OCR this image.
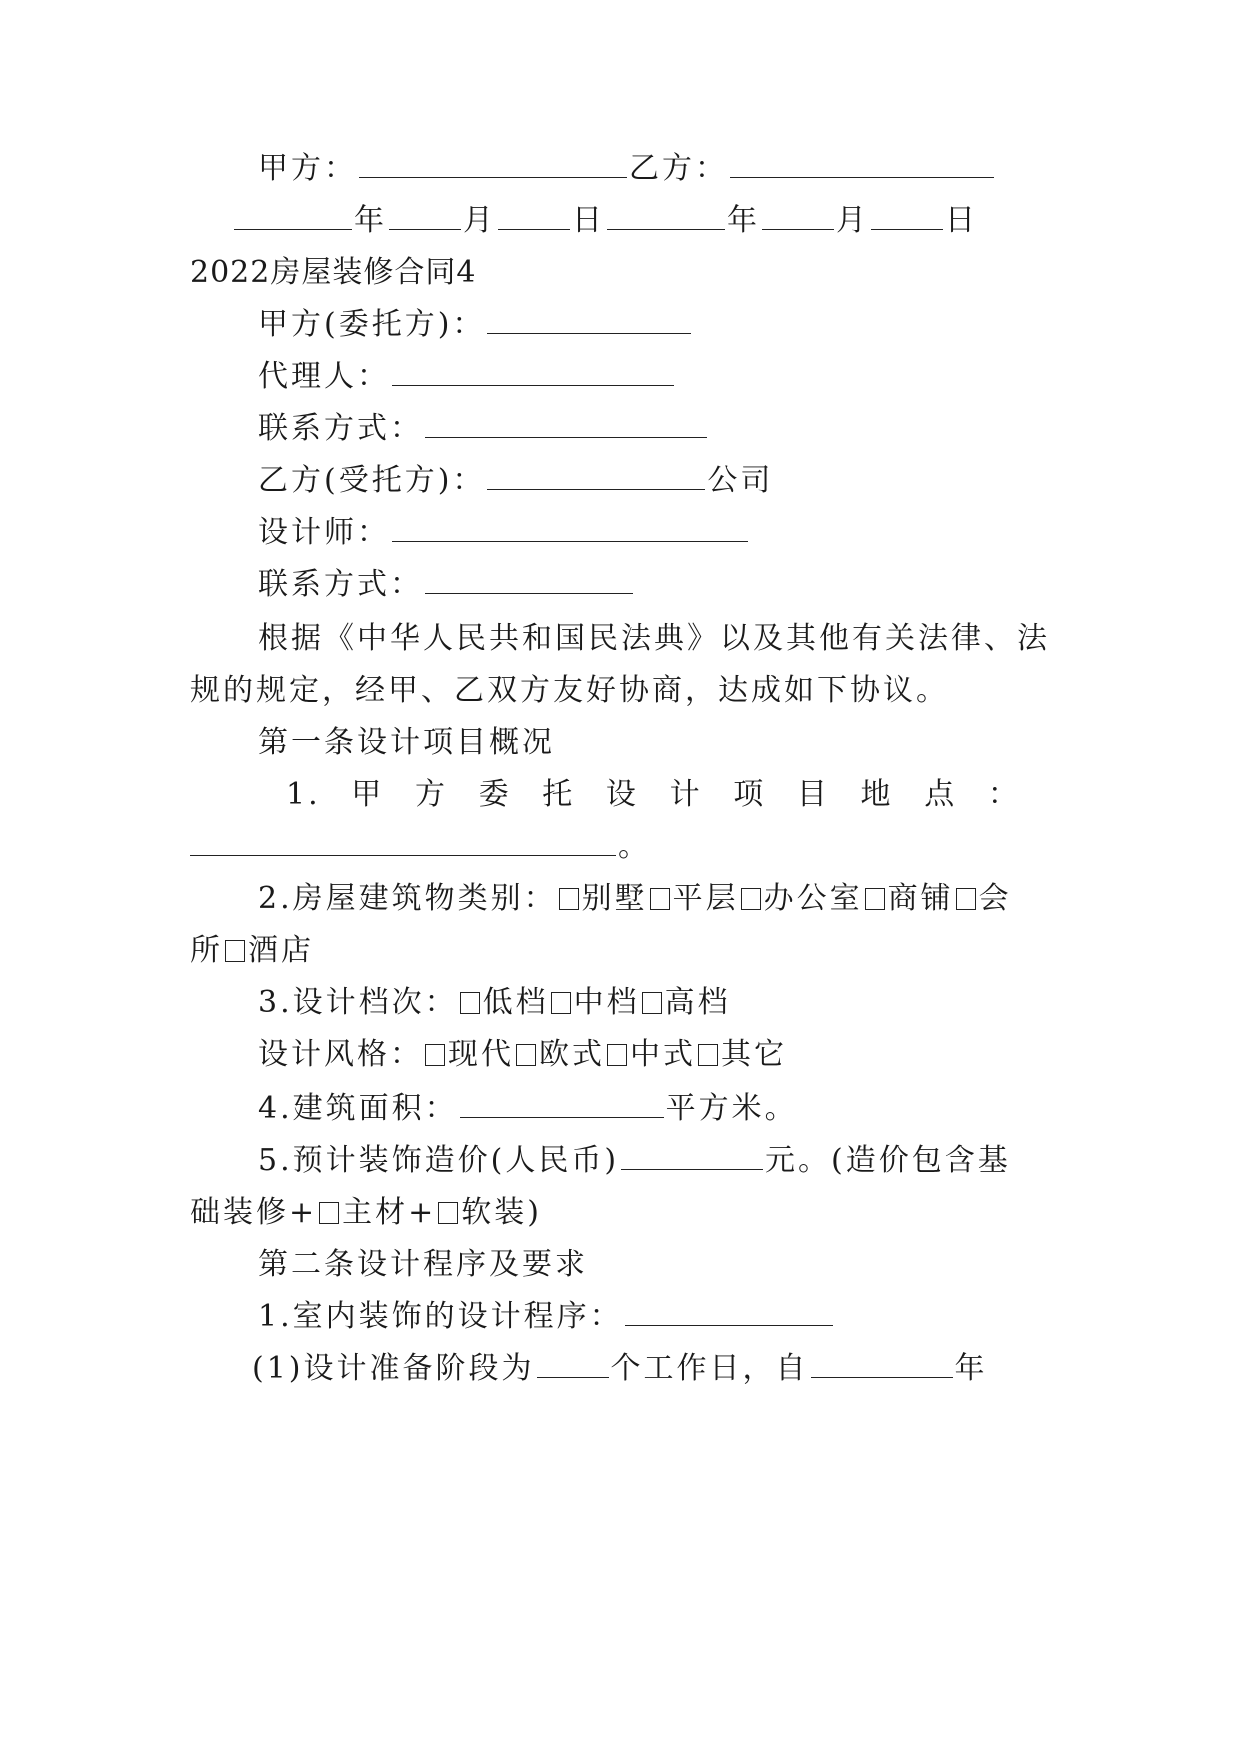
甲方：	乙方：
年	月	日	年	月	日
2022房屋装修合同4
甲方(委托方)：
代理人：
联系方式：
乙方(受托方)：	公司
设计师：
联系方式：
根据《中华人民共和国民法典》以及其他有关法律、法
规的规定，经甲、乙双方友好协商，达成如下协议。
第一条设计项目概况
1. 甲 方 委 托 设 计 项 目 地 点 ：
。
2.房屋建筑物类别： 别墅 平层 办公室 商铺 会
所 酒店
3.设计档次： 低档 中档 高档
设计风格： 现代 欧式 中式 其它
4.建筑面积：	平方米。
5.预计装饰造价(人民币)	元。(造价包含基
础装修+ 主材+ 软装)
第二条设计程序及要求
1.室内装饰的设计程序：
(1)设计准备阶段为	个工作日，自	年
